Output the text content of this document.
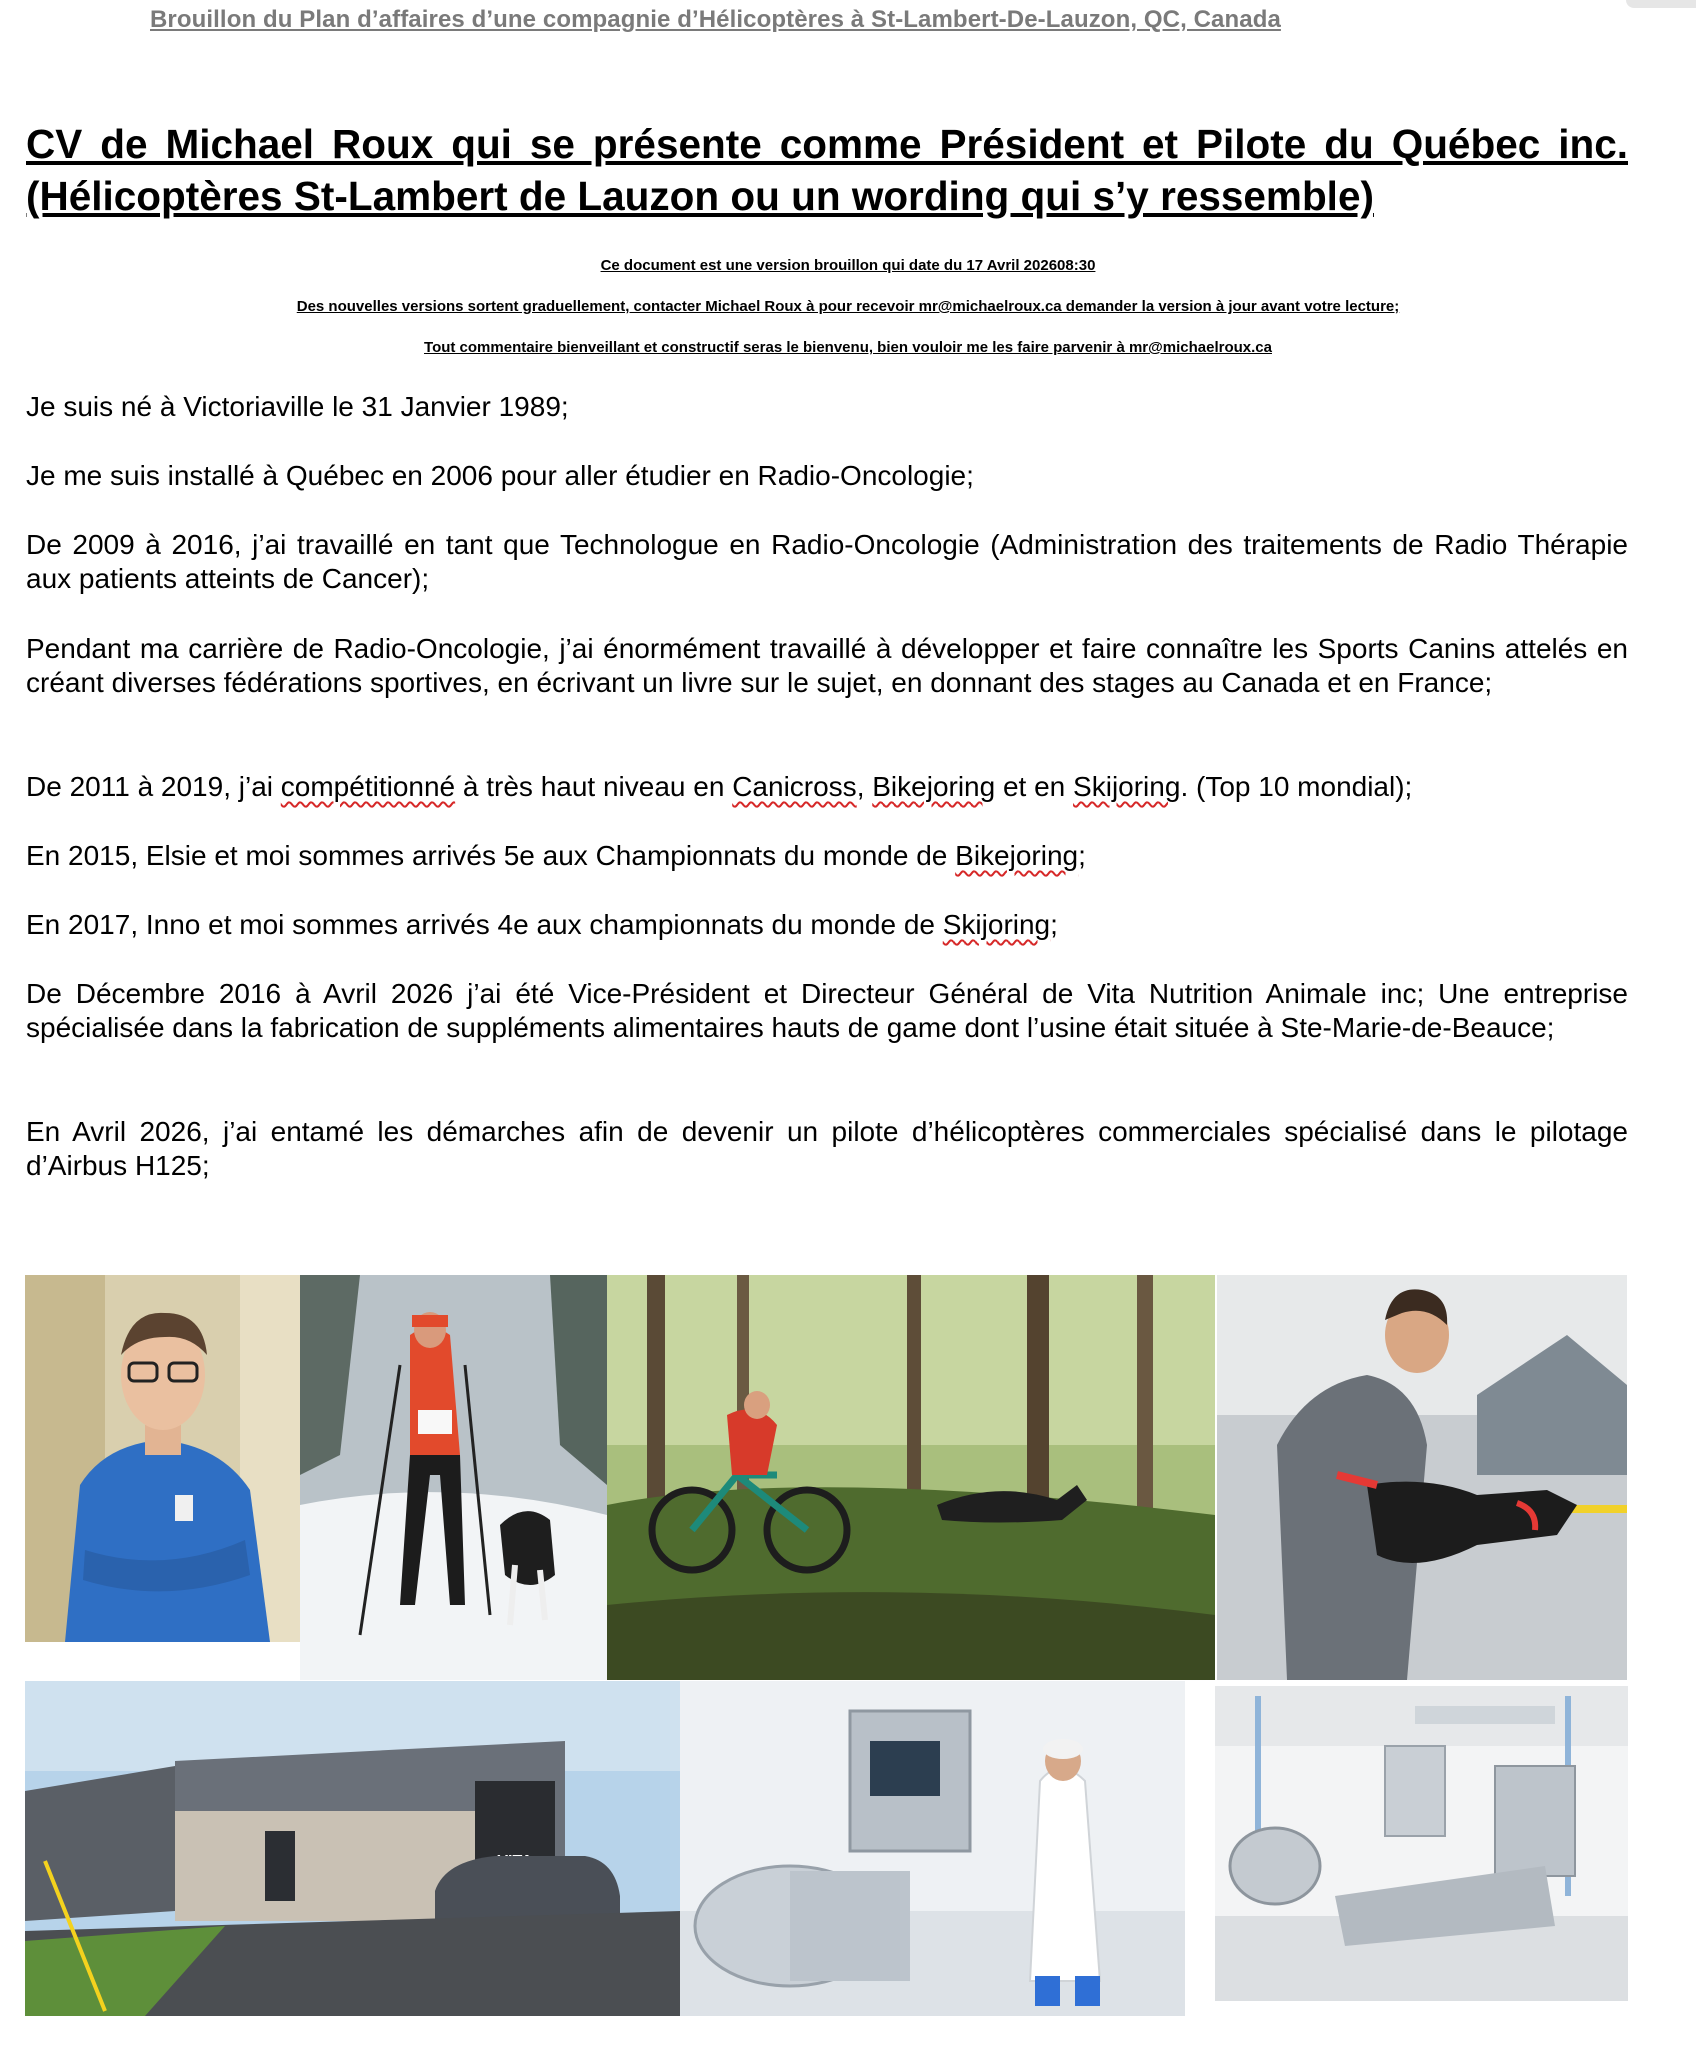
Brouillon du Plan d’affaires d’une compagnie d’Hélicoptères à St-Lambert-De-Lauzon, QC, Canada
CV de Michael Roux qui se présente comme Président et Pilote du Québec inc. (Hélicoptères St-Lambert de Lauzon ou un wording qui s’y ressemble)
Ce document est une version brouillon qui date du 17 Avril 202608:30
Des nouvelles versions sortent graduellement, contacter Michael Roux à pour recevoir mr@michaelroux.ca demander la version à jour avant votre lecture;
Tout commentaire bienveillant et constructif seras le bienvenu, bien vouloir me les faire parvenir à mr@michaelroux.ca

Je suis né à Victoriaville le 31 Janvier 1989;

Je me suis installé à Québec en 2006 pour aller étudier en Radio-Oncologie;

De 2009 à 2016, j’ai travaillé en tant que Technologue en Radio-Oncologie (Administration des traitements de Radio Thérapie aux patients atteints de Cancer);

Pendant ma carrière de Radio-Oncologie, j’ai énormément travaillé à développer et faire connaître les Sports Canins attelés en créant diverses fédérations sportives, en écrivant un livre sur le sujet, en donnant des stages au Canada et en France;

De 2011 à 2019, j’ai compétitionné à très haut niveau en Canicross, Bikejoring et en Skijoring. (Top 10 mondial);

En 2015, Elsie et moi sommes arrivés 5e aux Championnats du monde de Bikejoring;

En 2017, Inno et moi sommes arrivés 4e aux championnats du monde de Skijoring;

De Décembre 2016 à Avril 2026 j’ai été Vice-Président et Directeur Général de Vita Nutrition Animale inc; Une entreprise spécialisée dans la fabrication de suppléments alimentaires hauts de game dont l’usine était située à Ste-Marie-de-Beauce;

En Avril 2026, j’ai entamé les démarches afin de devenir un pilote d’hélicoptères commerciales spécialisé dans le pilotage d’Airbus H125;
